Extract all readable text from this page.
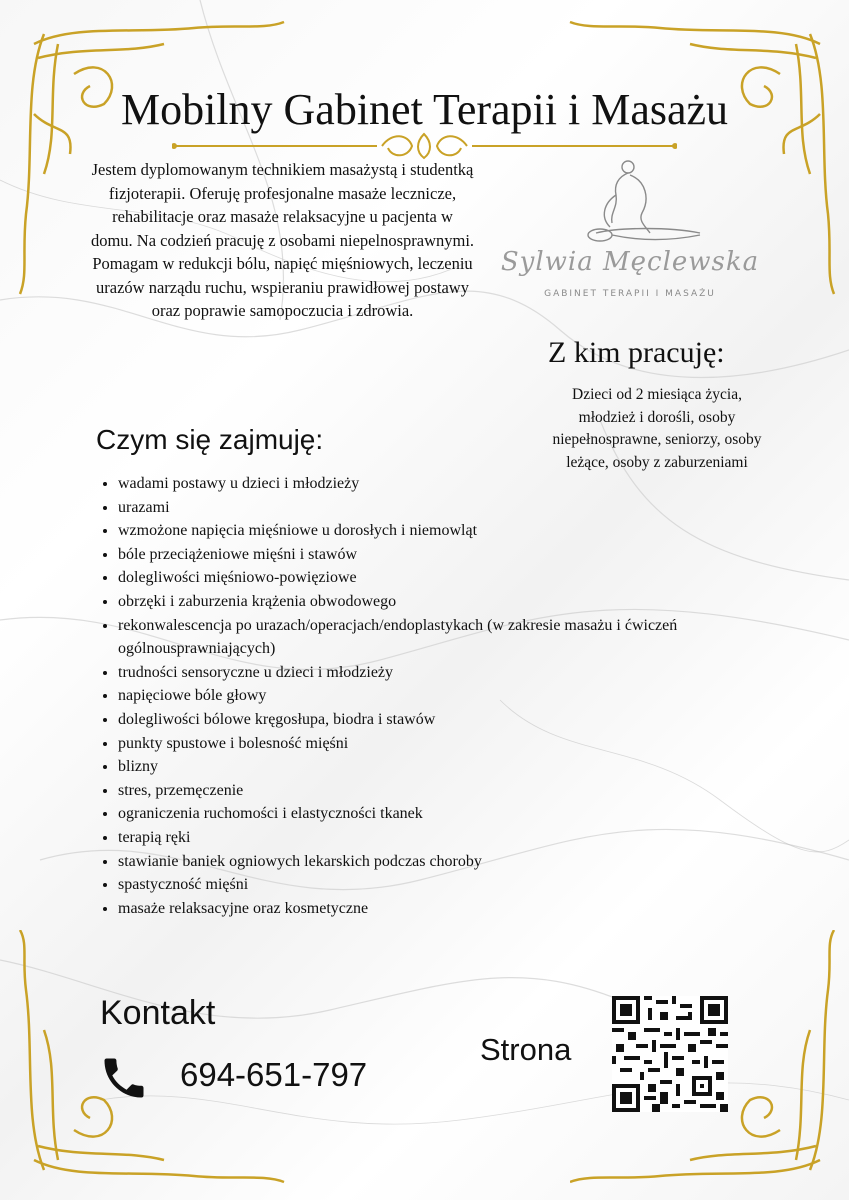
Mobilny Gabinet Terapii i Masażu

Jestem dyplomowanym technikiem masażystą i studentką fizjoterapii. Oferuję profesjonalne masaże lecznicze, rehabilitacje oraz masaże relaksacyjne u pacjenta w domu. Na codzień pracuję z osobami niepelnosprawnymi. Pomagam w redukcji bólu, napięć mięśniowych, leczeniu urazów narządu ruchu, wspieraniu prawidłowej postawy oraz poprawie samopoczucia i zdrowia.

Sylwia Męclewska
GABINET TERAPII I MASAŻU
Z kim pracuję:

Dzieci od 2 miesiąca życia, młodzież i dorośli, osoby niepełnosprawne, seniorzy, osoby leżące, osoby z zaburzeniami

Czym się zajmuję:
• wadami postawy u dzieci i młodzieży
• urazami
• wzmożone napięcia mięśniowe u dorosłych i niemowląt
• bóle przeciążeniowe mięśni i stawów
• dolegliwości mięśniowo-powięziowe
• obrzęki i zaburzenia krążenia obwodowego
• rekonwalescencja po urazach/operacjach/endoplastykach (w zakresie masażu i ćwiczeń ogólnousprawniających)
• trudności sensoryczne u dzieci i młodzieży
• napięciowe bóle głowy
• dolegliwości bólowe kręgosłupa, biodra i stawów
• punkty spustowe i bolesność mięśni
• blizny
• stres, przemęczenie
• ograniczenia ruchomości i elastyczności tkanek
• terapią ręki
• stawianie baniek ogniowych lekarskich podczas choroby
• spastyczność mięśni
• masaże relaksacyjne oraz kosmetyczne
Kontakt
694-651-797
Strona
